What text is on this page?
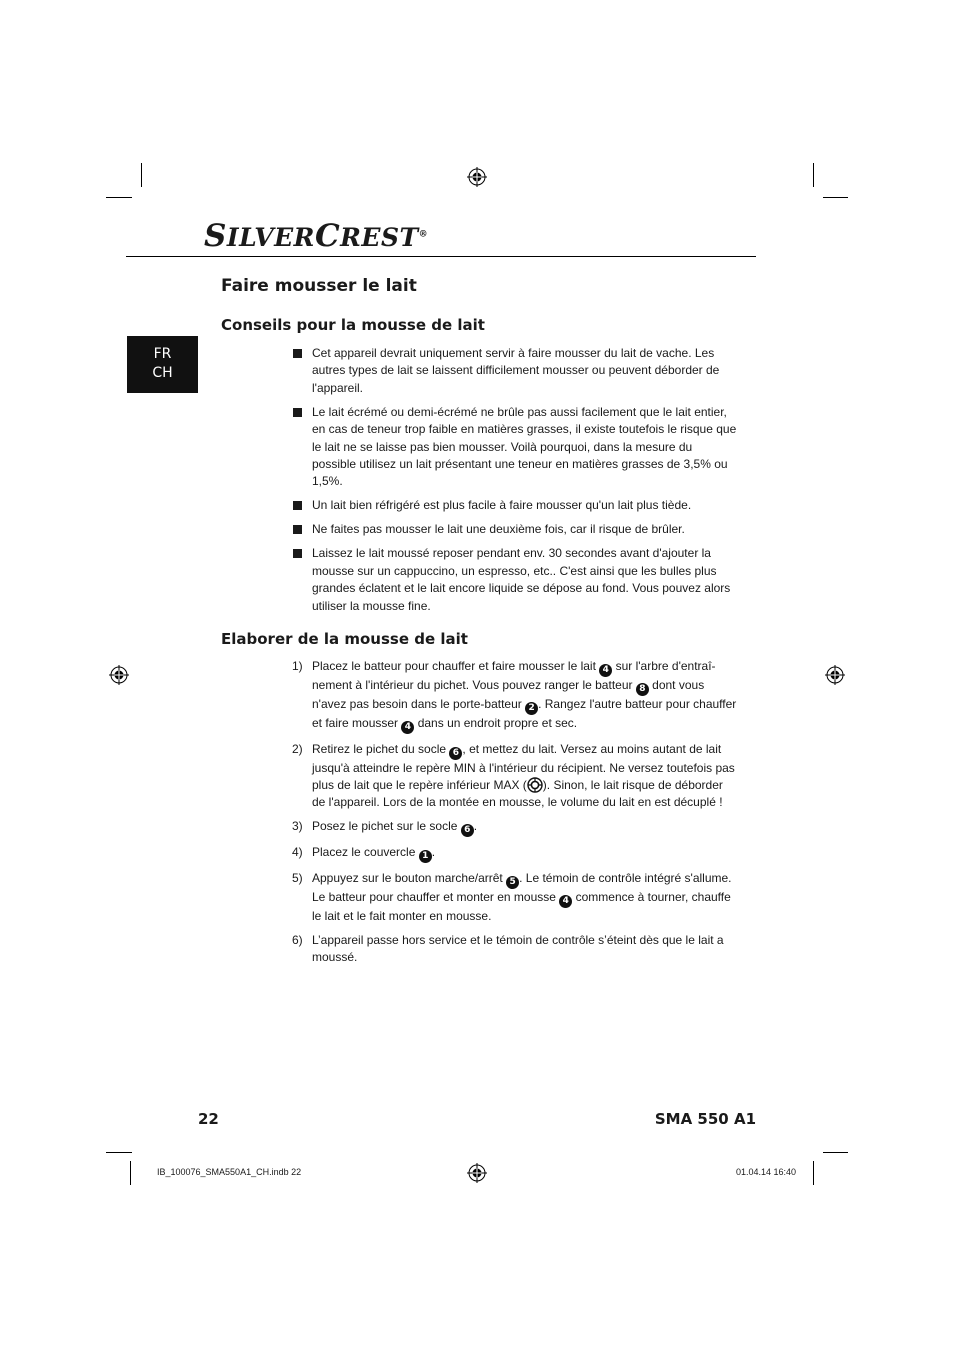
SILVERCREST®
FR
CH
Faire mousser le lait
Conseils pour la mousse de lait
Cet appareil devrait uniquement servir à faire mousser du lait de vache. Les autres types de lait se laissent difficilement mousser ou peuvent déborder de l'appareil.
Le lait écrémé ou demi-écrémé ne brûle pas aussi facilement que le lait entier, en cas de teneur trop faible en matières grasses, il existe toutefois le risque que le lait ne se laisse pas bien mousser. Voilà pourquoi, dans la mesure du possible utilisez un lait présentant une teneur en matières grasses de 3,5% ou 1,5%.
Un lait bien réfrigéré est plus facile à faire mousser qu'un lait plus tiède.
Ne faites pas mousser le lait une deuxième fois, car il risque de brûler.
Laissez le lait moussé reposer pendant env. 30 secondes avant d'ajouter la mousse sur un cappuccino, un espresso, etc.. C'est ainsi que les bulles plus grandes éclatent et le lait encore liquide se dépose au fond. Vous pouvez alors utiliser la mousse fine.
Elaborer de la mousse de lait
1) Placez le batteur pour chauffer et faire mousser le lait 4 sur l'arbre d'entraî-nement à l'intérieur du pichet. Vous pouvez ranger le batteur 8 dont vous n'avez pas besoin dans le porte-batteur 2 . Rangez l'autre batteur pour chauffer et faire mousser 4 dans un endroit propre et sec.
2) Retirez le pichet du socle 6 , et mettez du lait. Versez au moins autant de lait jusqu'à atteindre le repère MIN à l'intérieur du récipient. Ne versez toutefois pas plus de lait que le repère inférieur MAX ( ). Sinon, le lait risque de déborder de l'appareil. Lors de la montée en mousse, le volume du lait en est décuplé !
3) Posez le pichet sur le socle 6 .
4) Placez le couvercle 1 .
5) Appuyez sur le bouton marche/arrêt 5 . Le témoin de contrôle intégré s'allume. Le batteur pour chauffer et monter en mousse 4 commence à tourner, chauffe le lait et le fait monter en mousse.
6) L’appareil passe hors service et le témoin de contrôle s’éteint dès que le lait a moussé.
22	SMA 550 A1
IB_100076_SMA550A1_CH.indb 22	01.04.14 16:40
